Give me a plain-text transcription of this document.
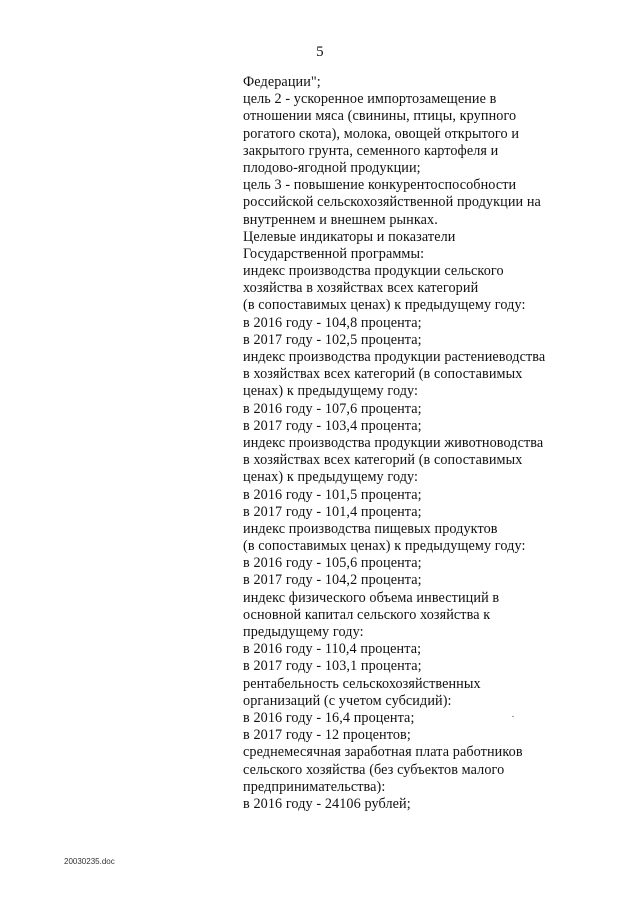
5
Федерации";
цель 2 - ускоренное импортозамещение в
отношении мяса (свинины, птицы, крупного
рогатого скота), молока, овощей открытого и
закрытого грунта, семенного картофеля и
плодово-ягодной продукции;
цель 3 - повышение конкурентоспособности
российской сельскохозяйственной продукции на
внутреннем и внешнем рынках.
Целевые индикаторы и показатели
Государственной программы:
индекс производства продукции сельского
хозяйства в хозяйствах всех категорий
(в сопоставимых ценах) к предыдущему году:
в 2016 году - 104,8 процента;
в 2017 году - 102,5 процента;
индекс производства продукции растениеводства
в хозяйствах всех категорий (в сопоставимых
ценах) к предыдущему году:
в 2016 году - 107,6 процента;
в 2017 году - 103,4 процента;
индекс производства продукции животноводства
в хозяйствах всех категорий (в сопоставимых
ценах) к предыдущему году:
в 2016 году - 101,5 процента;
в 2017 году - 101,4 процента;
индекс производства пищевых продуктов
(в сопоставимых ценах) к предыдущему году:
в 2016 году - 105,6 процента;
в 2017 году - 104,2 процента;
индекс физического объема инвестиций в
основной капитал сельского хозяйства к
предыдущему году:
в 2016 году - 110,4 процента;
в 2017 году - 103,1 процента;
рентабельность сельскохозяйственных
организаций (с учетом субсидий):
в 2016 году - 16,4 процента;
в 2017 году - 12 процентов;
среднемесячная заработная плата работников
сельского хозяйства (без субъектов малого
предпринимательства):
в 2016 году - 24106 рублей;
20030235.doc
